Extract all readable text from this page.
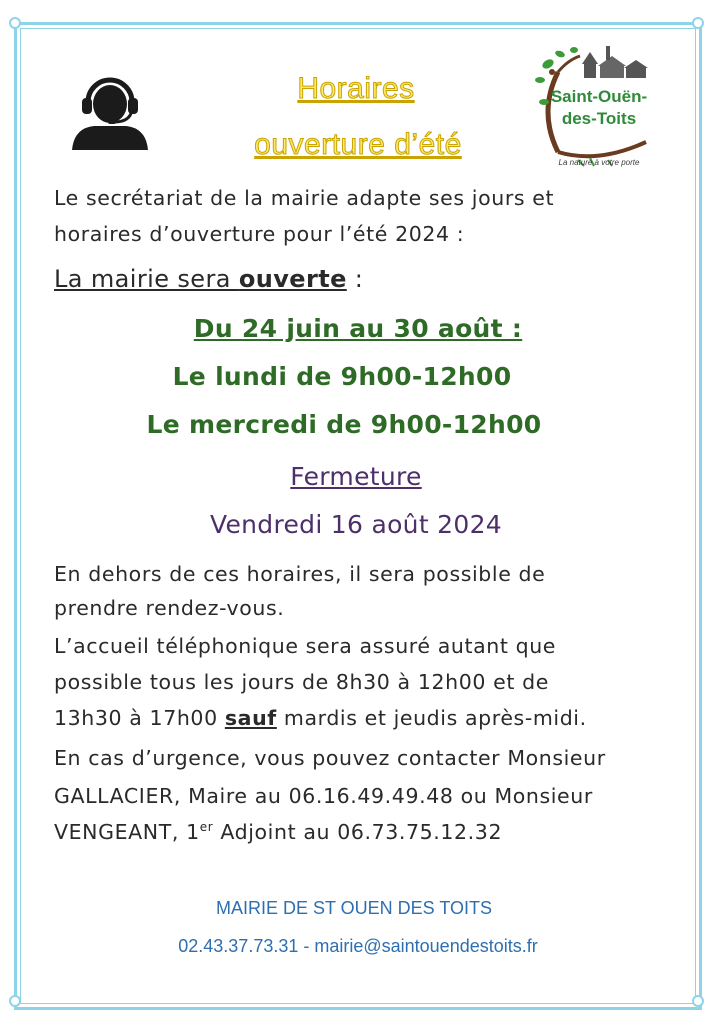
Horaires
ouverture d’été
Saint-Ouën-
des-Toits
La nature à votre porte
Le secrétariat de la mairie adapte ses jours et
horaires d’ouverture pour l’été 2024 :
La mairie sera ouverte :
Du 24 juin au 30 août :
Le lundi de 9h00-12h00
Le mercredi de 9h00-12h00
Fermeture
Vendredi 16 août 2024
En dehors de ces horaires, il sera possible de
prendre rendez-vous.
L’accueil téléphonique sera assuré autant que
possible tous les jours de 8h30 à 12h00 et de
13h30 à 17h00 sauf mardis et jeudis après-midi.
En cas d’urgence, vous pouvez contacter Monsieur
GALLACIER, Maire au 06.16.49.49.48 ou Monsieur
VENGEANT, 1er Adjoint au 06.73.75.12.32
MAIRIE DE ST OUEN DES TOITS
02.43.37.73.31 - mairie@saintouendestoits.fr
